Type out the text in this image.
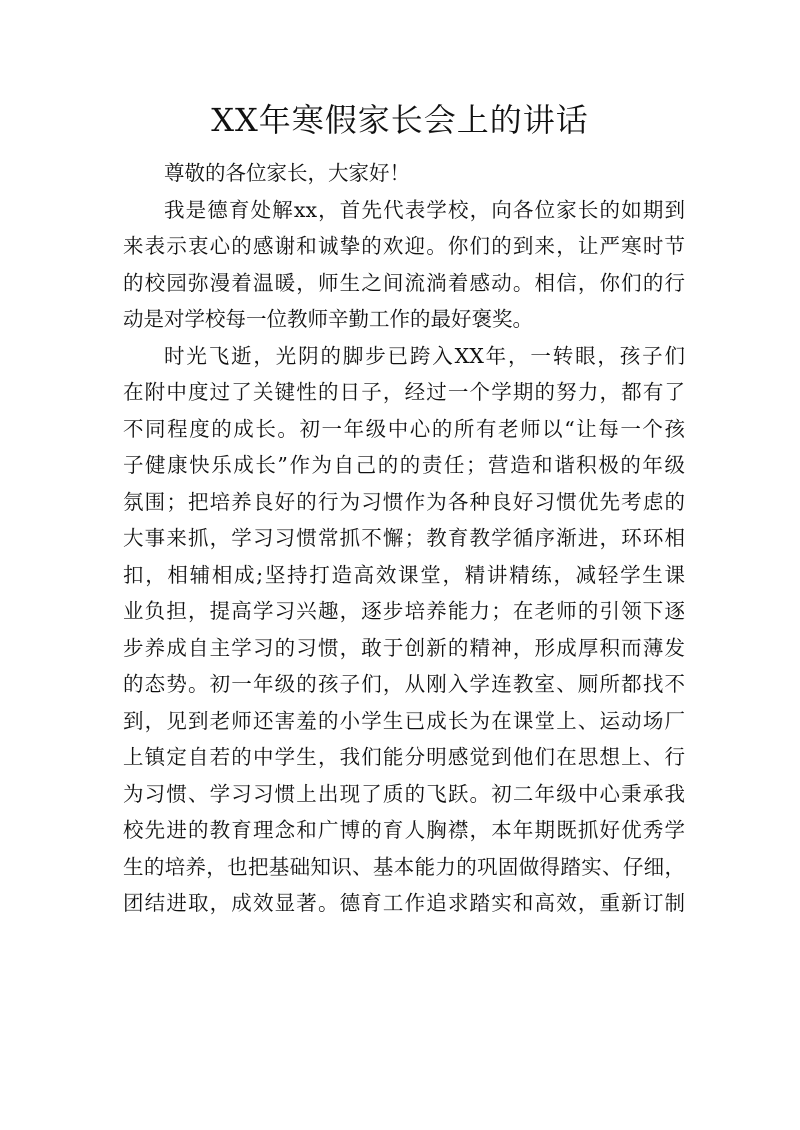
XX年寒假家长会上的讲话
尊敬的各位家长，大家好！
我是德育处解xx，首先代表学校，向各位家长的如期到
来表示衷心的感谢和诚挚的欢迎。你们的到来，让严寒时节
的校园弥漫着温暖，师生之间流淌着感动。相信，你们的行
动是对学校每一位教师辛勤工作的最好褒奖。
时光飞逝，光阴的脚步已跨入XX年，一转眼，孩子们
在附中度过了关键性的日子，经过一个学期的努力，都有了
不同程度的成长。初一年级中心的所有老师以“让每一个孩
子健康快乐成长”作为自己的的责任；营造和谐积极的年级
氛围；把培养良好的行为习惯作为各种良好习惯优先考虑的
大事来抓，学习习惯常抓不懈；教育教学循序渐进，环环相
扣，相辅相成;坚持打造高效课堂，精讲精练，减轻学生课
业负担，提高学习兴趣，逐步培养能力；在老师的引领下逐
步养成自主学习的习惯，敢于创新的精神，形成厚积而薄发
的态势。初一年级的孩子们，从刚入学连教室、厕所都找不
到，见到老师还害羞的小学生已成长为在课堂上、运动场厂
上镇定自若的中学生，我们能分明感觉到他们在思想上、行
为习惯、学习习惯上出现了质的飞跃。初二年级中心秉承我
校先进的教育理念和广博的育人胸襟，本年期既抓好优秀学
生的培养，也把基础知识、基本能力的巩固做得踏实、仔细，
团结进取，成效显著。德育工作追求踏实和高效，重新订制
